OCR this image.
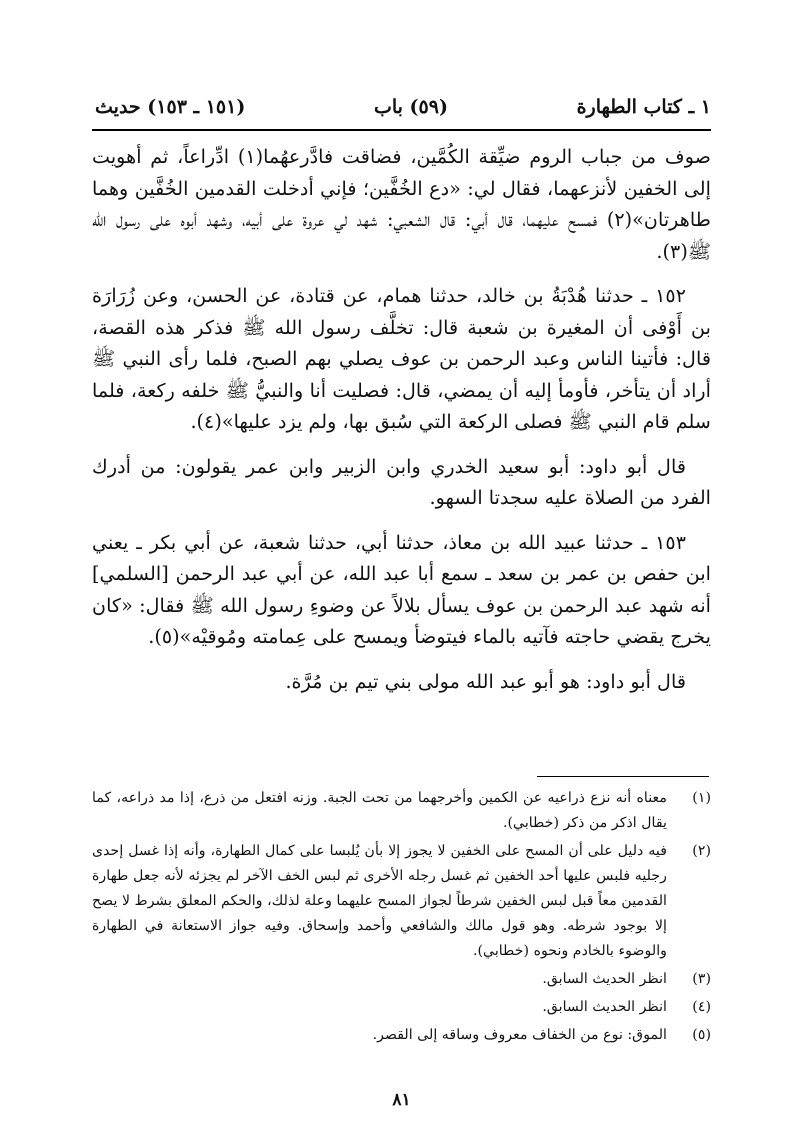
١ ـ كتاب الطهارة
(٥٩) باب
(١٥١ ـ ١٥٣) حديث

صوف من جباب الروم ضيِّقة الكُمَّين، فضاقت فادَّرعهُما(١) ادِّراعاً، ثم أهويت إلى الخفين لأنزعهما، فقال لي: «دع الخُفَّين؛ فإني أدخلت القدمين الخُفَّين وهما طاهرتان»(٢) فمسح عليهما، قال أبي: قال الشعبي: شهد لي عروة على أبيه، وشهد أبوه على رسول الله ﷺ(٣).

١٥٢ ـ حدثنا هُدْبَةُ بن خالد، حدثنا همام، عن قتادة، عن الحسن، وعن زُرَارَة بن أَوْفى أن المغيرة بن شعبة قال: تخلَّف رسول الله ﷺ فذكر هذه القصة، قال: فأتينا الناس وعبد الرحمن بن عوف يصلي بهم الصبح، فلما رأى النبي ﷺ أراد أن يتأخر، فأومأ إليه أن يمضي، قال: فصليت أنا والنبيُّ ﷺ خلفه ركعة، فلما سلم قام النبي ﷺ فصلى الركعة التي سُبق بها، ولم يزد عليها»(٤).

قال أبو داود: أبو سعيد الخدري وابن الزبير وابن عمر يقولون: من أدرك الفرد من الصلاة عليه سجدتا السهو.

١٥٣ ـ حدثنا عبيد الله بن معاذ، حدثنا أبي، حدثنا شعبة، عن أبي بكر ـ يعني ابن حفص بن عمر بن سعد ـ سمع أبا عبد الله، عن أبي عبد الرحمن [السلمي] أنه شهد عبد الرحمن بن عوف يسأل بلالاً عن وضوءِ رسول الله ﷺ فقال: «كان يخرج يقضي حاجته فآتيه بالماء فيتوضأ ويمسح على عِمامته ومُوقيْه»(٥).

قال أبو داود: هو أبو عبد الله مولى بني تيم بن مُرَّة.

(١)
معناه أنه نزع ذراعيه عن الكمين وأخرجهما من تحت الجبة. وزنه افتعل من ذرع، إذا مد ذراعه، كما يقال اذكر من ذكر (خطابي).
(٢)
فيه دليل على أن المسح على الخفين لا يجوز إلا بأن يُلبسا على كمال الطهارة، وأنه إذا غسل إحدى رجليه فلبس عليها أحد الخفين ثم غسل رجله الأخرى ثم لبس الخف الآخر لم يجزئه لأنه جعل طهارة القدمين معاً قبل لبس الخفين شرطاً لجواز المسح عليهما وعلة لذلك، والحكم المعلق بشرط لا يصح إلا بوجود شرطه. وهو قول مالك والشافعي وأحمد وإسحاق. وفيه جواز الاستعانة في الطهارة والوضوء بالخادم ونحوه (خطابي).
(٣)
انظر الحديث السابق.
(٤)
انظر الحديث السابق.
(٥)
الموق: نوع من الخفاف معروف وساقه إلى القصر.
٨١
